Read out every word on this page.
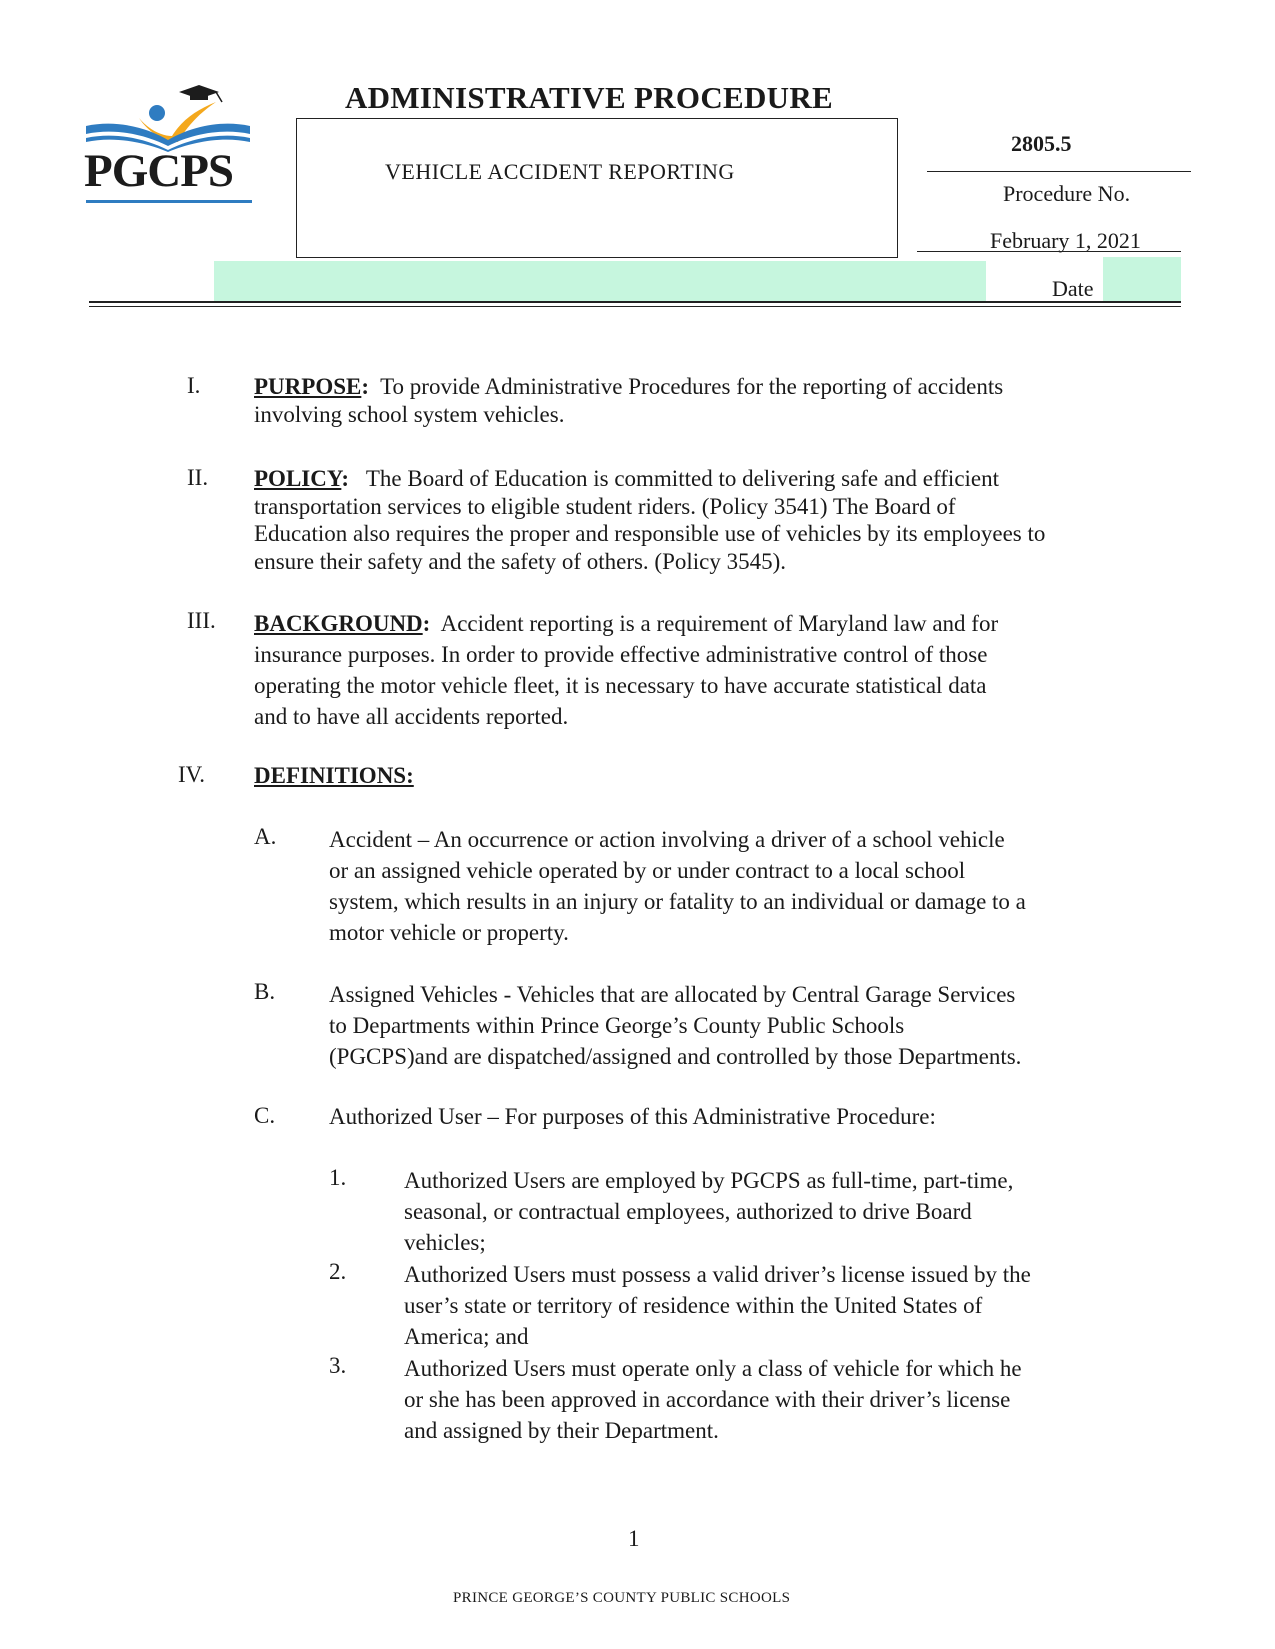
PGCPS
ADMINISTRATIVE PROCEDURE
VEHICLE ACCIDENT REPORTING
2805.5
Procedure No.
February 1, 2021
Date
I. PURPOSE: To provide Administrative Procedures for the reporting of accidents
involving school system vehicles.
II. POLICY: The Board of Education is committed to delivering safe and efficient
transportation services to eligible student riders. (Policy 3541) The Board of
Education also requires the proper and responsible use of vehicles by its employees to
ensure their safety and the safety of others. (Policy 3545).
III. BACKGROUND: Accident reporting is a requirement of Maryland law and for
insurance purposes. In order to provide effective administrative control of those
operating the motor vehicle fleet, it is necessary to have accurate statistical data
and to have all accidents reported.
IV. DEFINITIONS:
A. Accident – An occurrence or action involving a driver of a school vehicle
or an assigned vehicle operated by or under contract to a local school
system, which results in an injury or fatality to an individual or damage to a
motor vehicle or property.
B. Assigned Vehicles - Vehicles that are allocated by Central Garage Services
to Departments within Prince George’s County Public Schools
(PGCPS)and are dispatched/assigned and controlled by those Departments.
C. Authorized User – For purposes of this Administrative Procedure:
1.	Authorized Users are employed by PGCPS as full-time, part-time,
seasonal, or contractual employees, authorized to drive Board
vehicles;
2.	Authorized Users must possess a valid driver’s license issued by the
user’s state or territory of residence within the United States of
America; and
3.	Authorized Users must operate only a class of vehicle for which he
or she has been approved in accordance with their driver’s license
and assigned by their Department.
1
PRINCE GEORGE’S COUNTY PUBLIC SCHOOLS
